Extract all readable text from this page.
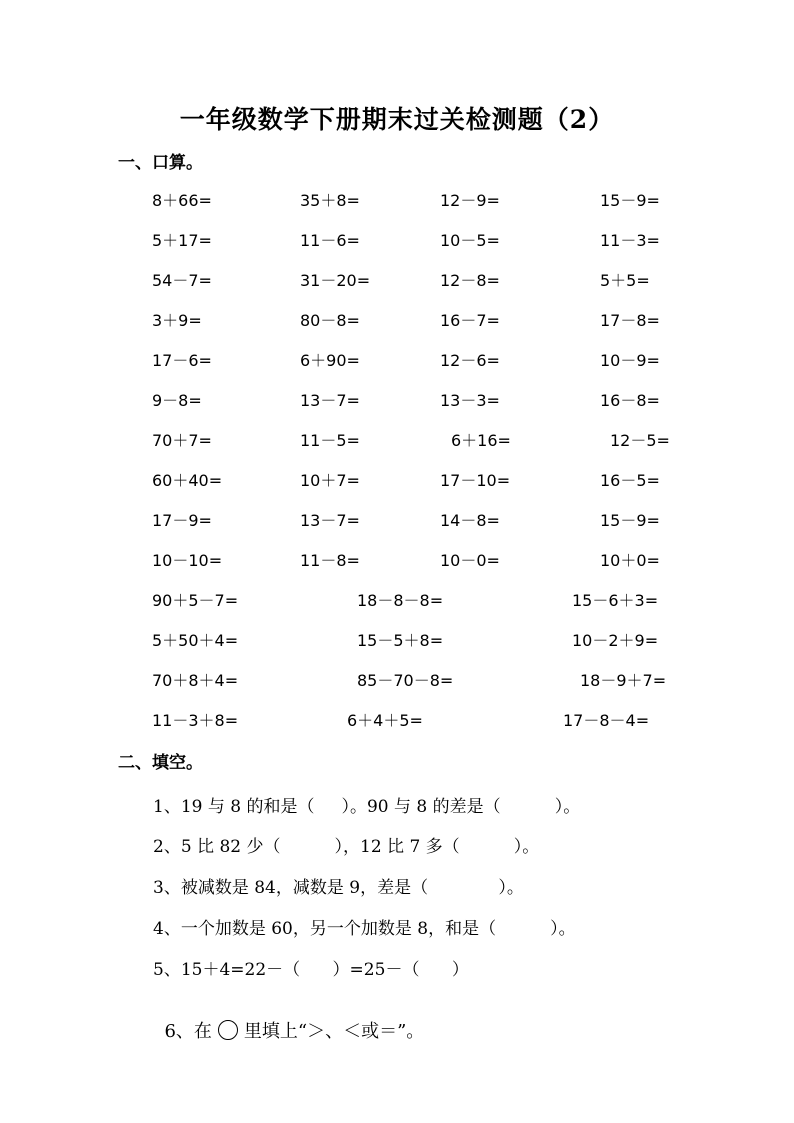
一年级数学下册期末过关检测题（2）
一、口算。
8＋66=	35＋8=	12－9=	15－9=
5＋17=	11－6=	10－5=	11－3=
54－7=	31－20=	12－8=	5＋5=
3＋9=	80－8=	16－7=	17－8=
17－6=	6＋90=	12－6=	10－9=
9－8=	13－7=	13－3=	16－8=
70＋7=	11－5=	6＋16=	12－5=
60＋40=	10＋7=	17－10=	16－5=
17－9=	13－7=	14－8=	15－9=
10－10=	11－8=	10－0=	10＋0=
90＋5－7=	18－8－8=	15－6＋3=
5＋50＋4=	15－5＋8=	10－2＋9=
70＋8＋4=	85－70－8=	18－9＋7=
11－3＋8=	6＋4＋5=	17－8－4=
二、填空。
1、19 与 8 的和是（     ）。90 与 8 的差是（          ）。
2、5 比 82 少（          ），12 比 7 多（          ）。
3、被减数是 84，减数是 9，差是（             ）。
4、一个加数是 60，另一个加数是 8，和是（          ）。
5、15＋4=22－（      ）=25－（      ）

6、在 里填上“＞、＜或＝”。
